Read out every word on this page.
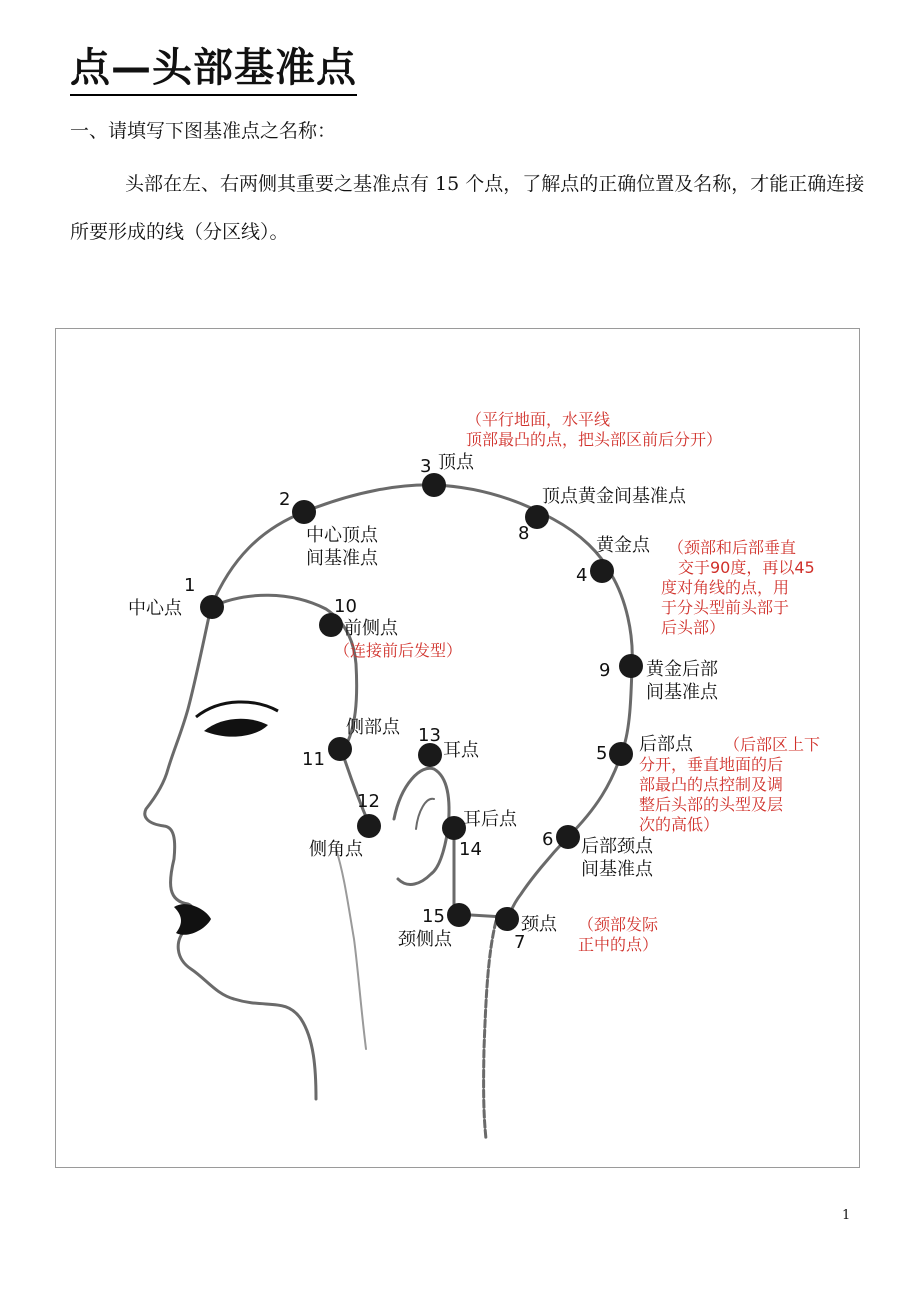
点—头部基准点
一、请填写下图基准点之名称：

头部在左、右两侧其重要之基准点有 15 个点，了解点的正确位置及名称，才能正确连接所要形成的线（分区线）。

1
中心点
2
中心顶点
间基准点
3 顶点
（平行地面，水平线
顶部最凸的点，把头部区前后分开）
顶点黄金间基准点
8
黄金点
4
（颈部和后部垂直
交于90度，再以45
度对角线的点，用
于分头型前头部于
后头部）
9 黄金后部
间基准点
5 后部点 （后部区上下
分开，垂直地面的后
部最凸的点控制及调
整后头部的头型及层
次的高低）
6 后部颈点
间基准点
颈点
7
（颈部发际
正中的点）
15
颈侧点
10
前侧点
（连接前后发型）
侧部点
11
12
侧角点
13
耳点
耳后点
14
1
